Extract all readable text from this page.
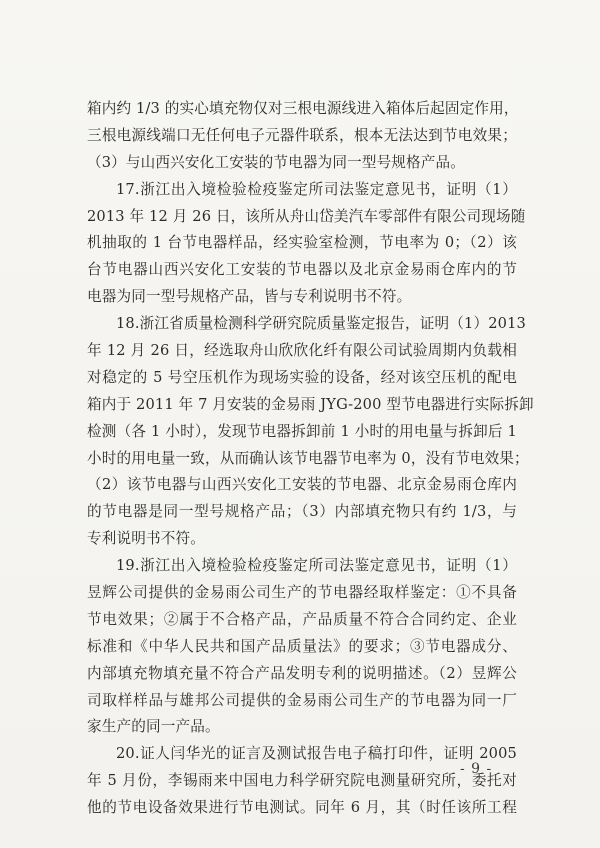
箱内约 1/3 的实心填充物仅对三根电源线进入箱体后起固定作用，
三根电源线端口无任何电子元器件联系，根本无法达到节电效果；
（3）与山西兴安化工安装的节电器为同一型号规格产品。
17.浙江出入境检验检疫鉴定所司法鉴定意见书，证明（1）
2013 年 12 月 26 日，该所从舟山岱美汽车零部件有限公司现场随
机抽取的 1 台节电器样品，经实验室检测，节电率为 0；（2）该
台节电器山西兴安化工安装的节电器以及北京金易雨仓库内的节
电器为同一型号规格产品，皆与专利说明书不符。
18.浙江省质量检测科学研究院质量鉴定报告，证明（1）2013
年 12 月 26 日，经选取舟山欣欣化纤有限公司试验周期内负载相
对稳定的 5 号空压机作为现场实验的设备，经对该空压机的配电
箱内于 2011 年 7 月安装的金易雨 JYG-200 型节电器进行实际拆卸
检测（各 1 小时），发现节电器拆卸前 1 小时的用电量与拆卸后 1
小时的用电量一致，从而确认该节电器节电率为 0，没有节电效果；
（2）该节电器与山西兴安化工安装的节电器、北京金易雨仓库内
的节电器是同一型号规格产品；（3）内部填充物只有约 1/3，与
专利说明书不符。
19.浙江出入境检验检疫鉴定所司法鉴定意见书，证明（1）
昱辉公司提供的金易雨公司生产的节电器经取样鉴定：①不具备
节电效果；②属于不合格产品，产品质量不符合合同约定、企业
标准和《中华人民共和国产品质量法》的要求；③节电器成分、
内部填充物填充量不符合产品发明专利的说明描述。（2）昱辉公
司取样样品与雄邦公司提供的金易雨公司生产的节电器为同一厂
家生产的同一产品。
20.证人闫华光的证言及测试报告电子稿打印件，证明 2005
年 5 月份，李锡雨来中国电力科学研究院电测量研究所，委托对
他的节电设备效果进行节电测试。同年 6 月，其（时任该所工程
- 9 -
